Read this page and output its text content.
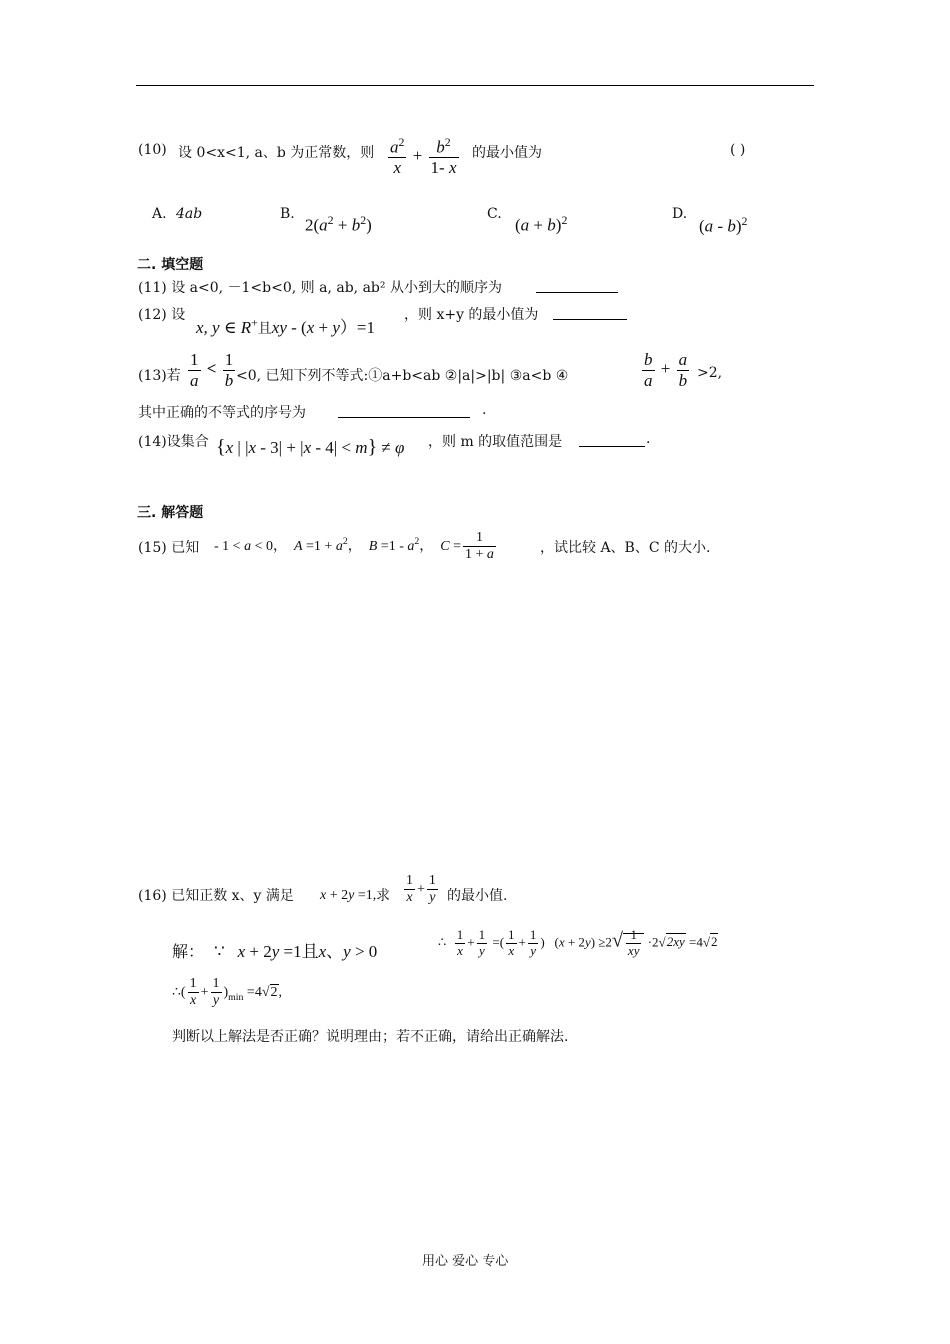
(10) 设 0<x<1, a、b 为正常数，则 $\frac{a^2}{x} + \frac{b^2}{1- x}$ 的最小值为	( )
A. 4ab	B.
$2(a^2 + b^2)$
C.
$(a + b)^2$	D.
(a - b)$^2$
二. 填空题
(11) 设 a<0, －1<b<0, 则 a, ab, ab² 从小到大的顺序为
(12) 设
x, y ∈ R+且xy - (x + y）=1
，则 x+y 的最小值为
(13)若 $\frac{1}{a} < \frac{1}{b} <0$, 已知下列不等式:①a+b<ab ②|a|>|b| ③a<b ④	$\frac{b}{a} + \frac{a}{b} >2$,
其中正确的不等式的序号为	.
(14)设集合 {x | |x - 3| + |x - 4| < m} ≠ φ ，则 m 的取值范围是	.
三. 解答题
(15) 已知 - 1 < a < 0，  $A =1 + a^2$，  $B =1 - a^2$，  $C = \frac{1}{1 + a}$	，试比较 A、B、C 的大小.
(16) 已知正数 x、y 满足 x + 2y =1, 求 $\frac{1}{x} + \frac{1}{y}$ 的最小值.
解： ∵   x + 2y =1且x、y > 0
∴ $\frac{1}{x} + \frac{1}{y}$ =( $\frac{1}{x} + \frac{1}{y}$ )   $(x + 2y) \ge 2√ \frac{1}{xy} \cdot 2√2xy =4√2$
∴( $\frac{1}{x} + \frac{1}{y} )_{min} =4√2$,
判断以上解法是否正确？说明理由；若不正确，请给出正确解法.
用心 爱心 专心
